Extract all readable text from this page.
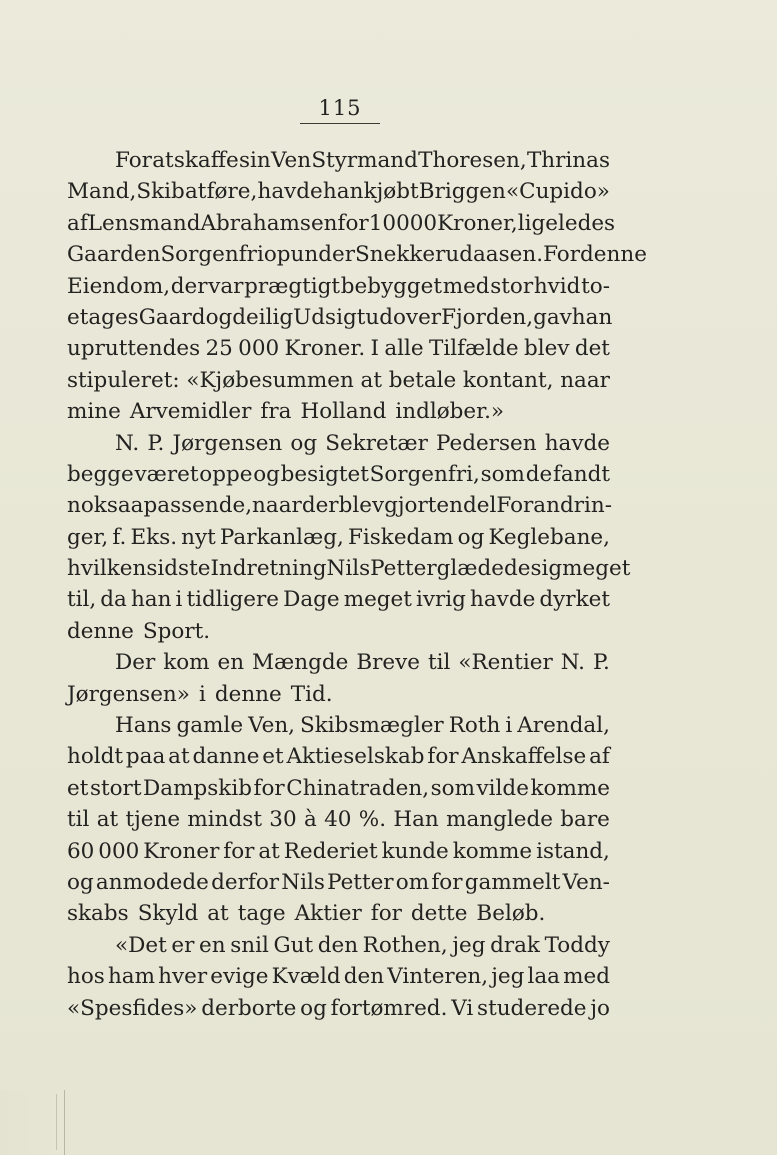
115
For at skaffe sin Ven Styrmand Thoresen, Thrinas
Mand, Skib at føre, havde han kjøbt Briggen «Cupido»
af Lensmand Abrahamsen for 10 000 Kroner, ligeledes
Gaarden Sorgenfri opunder Snekkerudaasen. For denne
Eiendom, der var prægtigt bebygget med stor hvid to-
etages Gaard og deilig Udsigt udover Fjorden, gav han
upruttendes 25 000 Kroner. I alle Tilfælde blev det
stipuleret: «Kjøbesummen at betale kontant, naar
mine Arvemidler fra Holland indløber.»
N. P. Jørgensen og Sekretær Pedersen havde
begge været oppe og besigtet Sorgenfri, som de fandt
noksaa passende, naar der blev gjort endel Forandrin-
ger, f. Eks. nyt Parkanlæg, Fiskedam og Keglebane,
hvilken sidste Indretning Nils Petter glædede sig meget
til, da han i tidligere Dage meget ivrig havde dyrket
denne Sport.
Der kom en Mængde Breve til «Rentier N. P.
Jørgensen» i denne Tid.
Hans gamle Ven, Skibsmægler Roth i Arendal,
holdt paa at danne et Aktieselskab for Anskaffelse af
et stort Dampskib for Chinatraden, som vilde komme
til at tjene mindst 30 à 40 %. Han manglede bare
60 000 Kroner for at Rederiet kunde komme istand,
og anmodede derfor Nils Petter om for gammelt Ven-
skabs Skyld at tage Aktier for dette Beløb.
«Det er en snil Gut den Rothen, jeg drak Toddy
hos ham hver evige Kvæld den Vinteren, jeg laa med
«Spesfides» derborte og fortømred. Vi studerede jo
